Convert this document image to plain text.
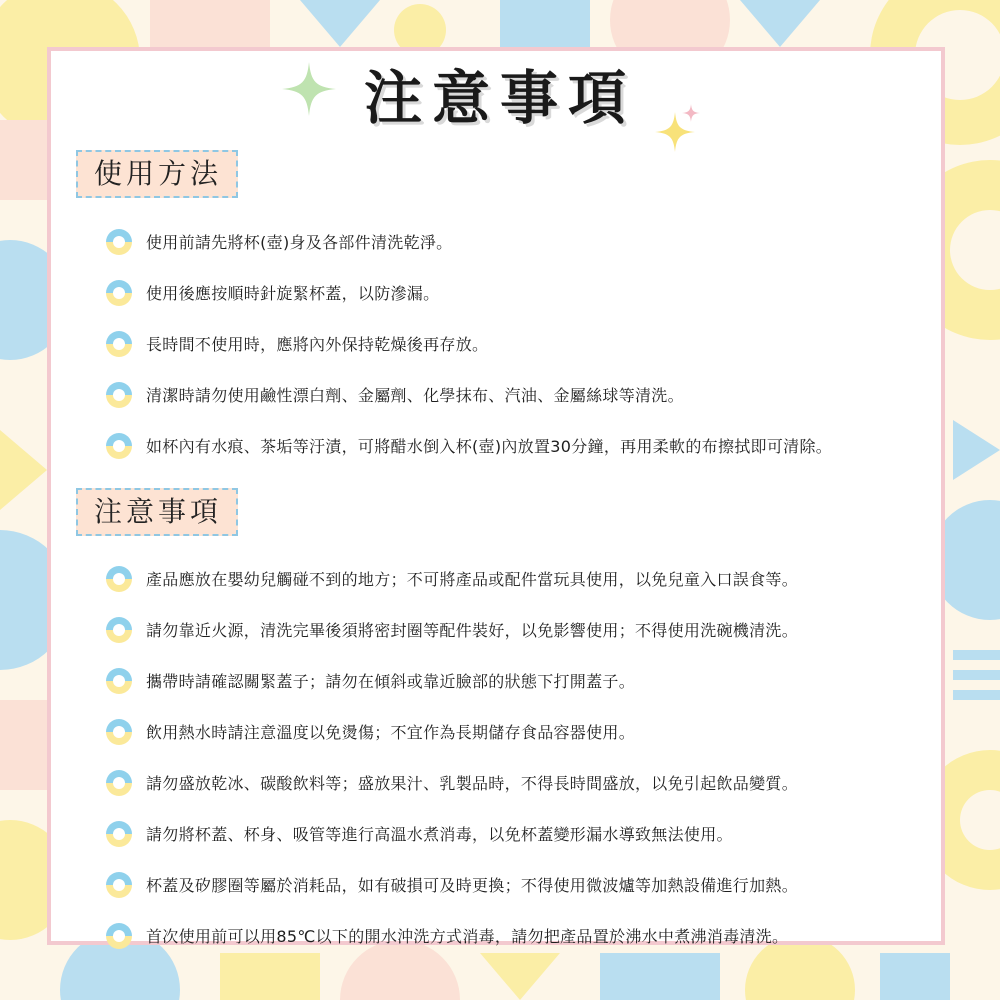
注意事項
使用方法
使用前請先將杯(壺)身及各部件清洗乾淨。
使用後應按順時針旋緊杯蓋，以防滲漏。
長時間不使用時，應將內外保持乾燥後再存放。
清潔時請勿使用鹼性漂白劑、金屬劑、化學抹布、汽油、金屬絲球等清洗。
如杯內有水痕、茶垢等汙漬，可將醋水倒入杯(壺)內放置30分鐘，再用柔軟的布擦拭即可清除。
注意事項
產品應放在嬰幼兒觸碰不到的地方；不可將產品或配件當玩具使用，以免兒童入口誤食等。
請勿靠近火源，清洗完畢後須將密封圈等配件裝好，以免影響使用；不得使用洗碗機清洗。
攜帶時請確認關緊蓋子；請勿在傾斜或靠近臉部的狀態下打開蓋子。
飲用熱水時請注意溫度以免燙傷；不宜作為長期儲存食品容器使用。
請勿盛放乾冰、碳酸飲料等；盛放果汁、乳製品時，不得長時間盛放，以免引起飲品變質。
請勿將杯蓋、杯身、吸管等進行高溫水煮消毒，以免杯蓋變形漏水導致無法使用。
杯蓋及矽膠圈等屬於消耗品，如有破損可及時更換；不得使用微波爐等加熱設備進行加熱。
首次使用前可以用85℃以下的開水沖洗方式消毒，請勿把產品置於沸水中煮沸消毒清洗。
